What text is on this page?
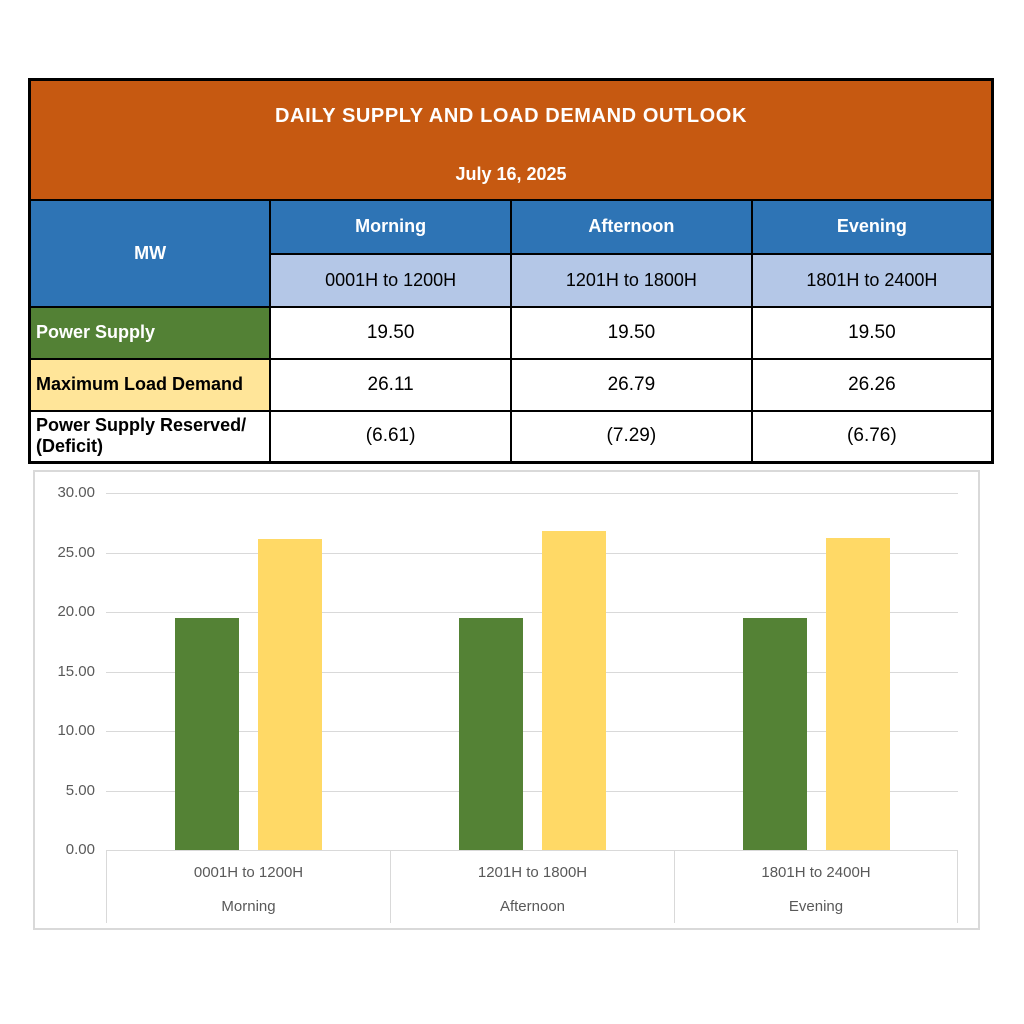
DAILY SUPPLY AND LOAD DEMAND OUTLOOK
July 16, 2025			

MW	Morning	Afternoon	Evening
	0001H to 1200H	1201H to 1800H	1801H to 2400H
Power Supply	19.50	19.50	19.50
Maximum Load Demand	26.11	26.79	26.26
Power Supply Reserved/ (Deficit)	(6.61)	(7.29)	(6.76)
0001H to 1200H
Morning
1201H to 1800H
Afternoon
1801H to 2400H
Evening
0.00
5.00
10.00
15.00
20.00
25.00
30.00
